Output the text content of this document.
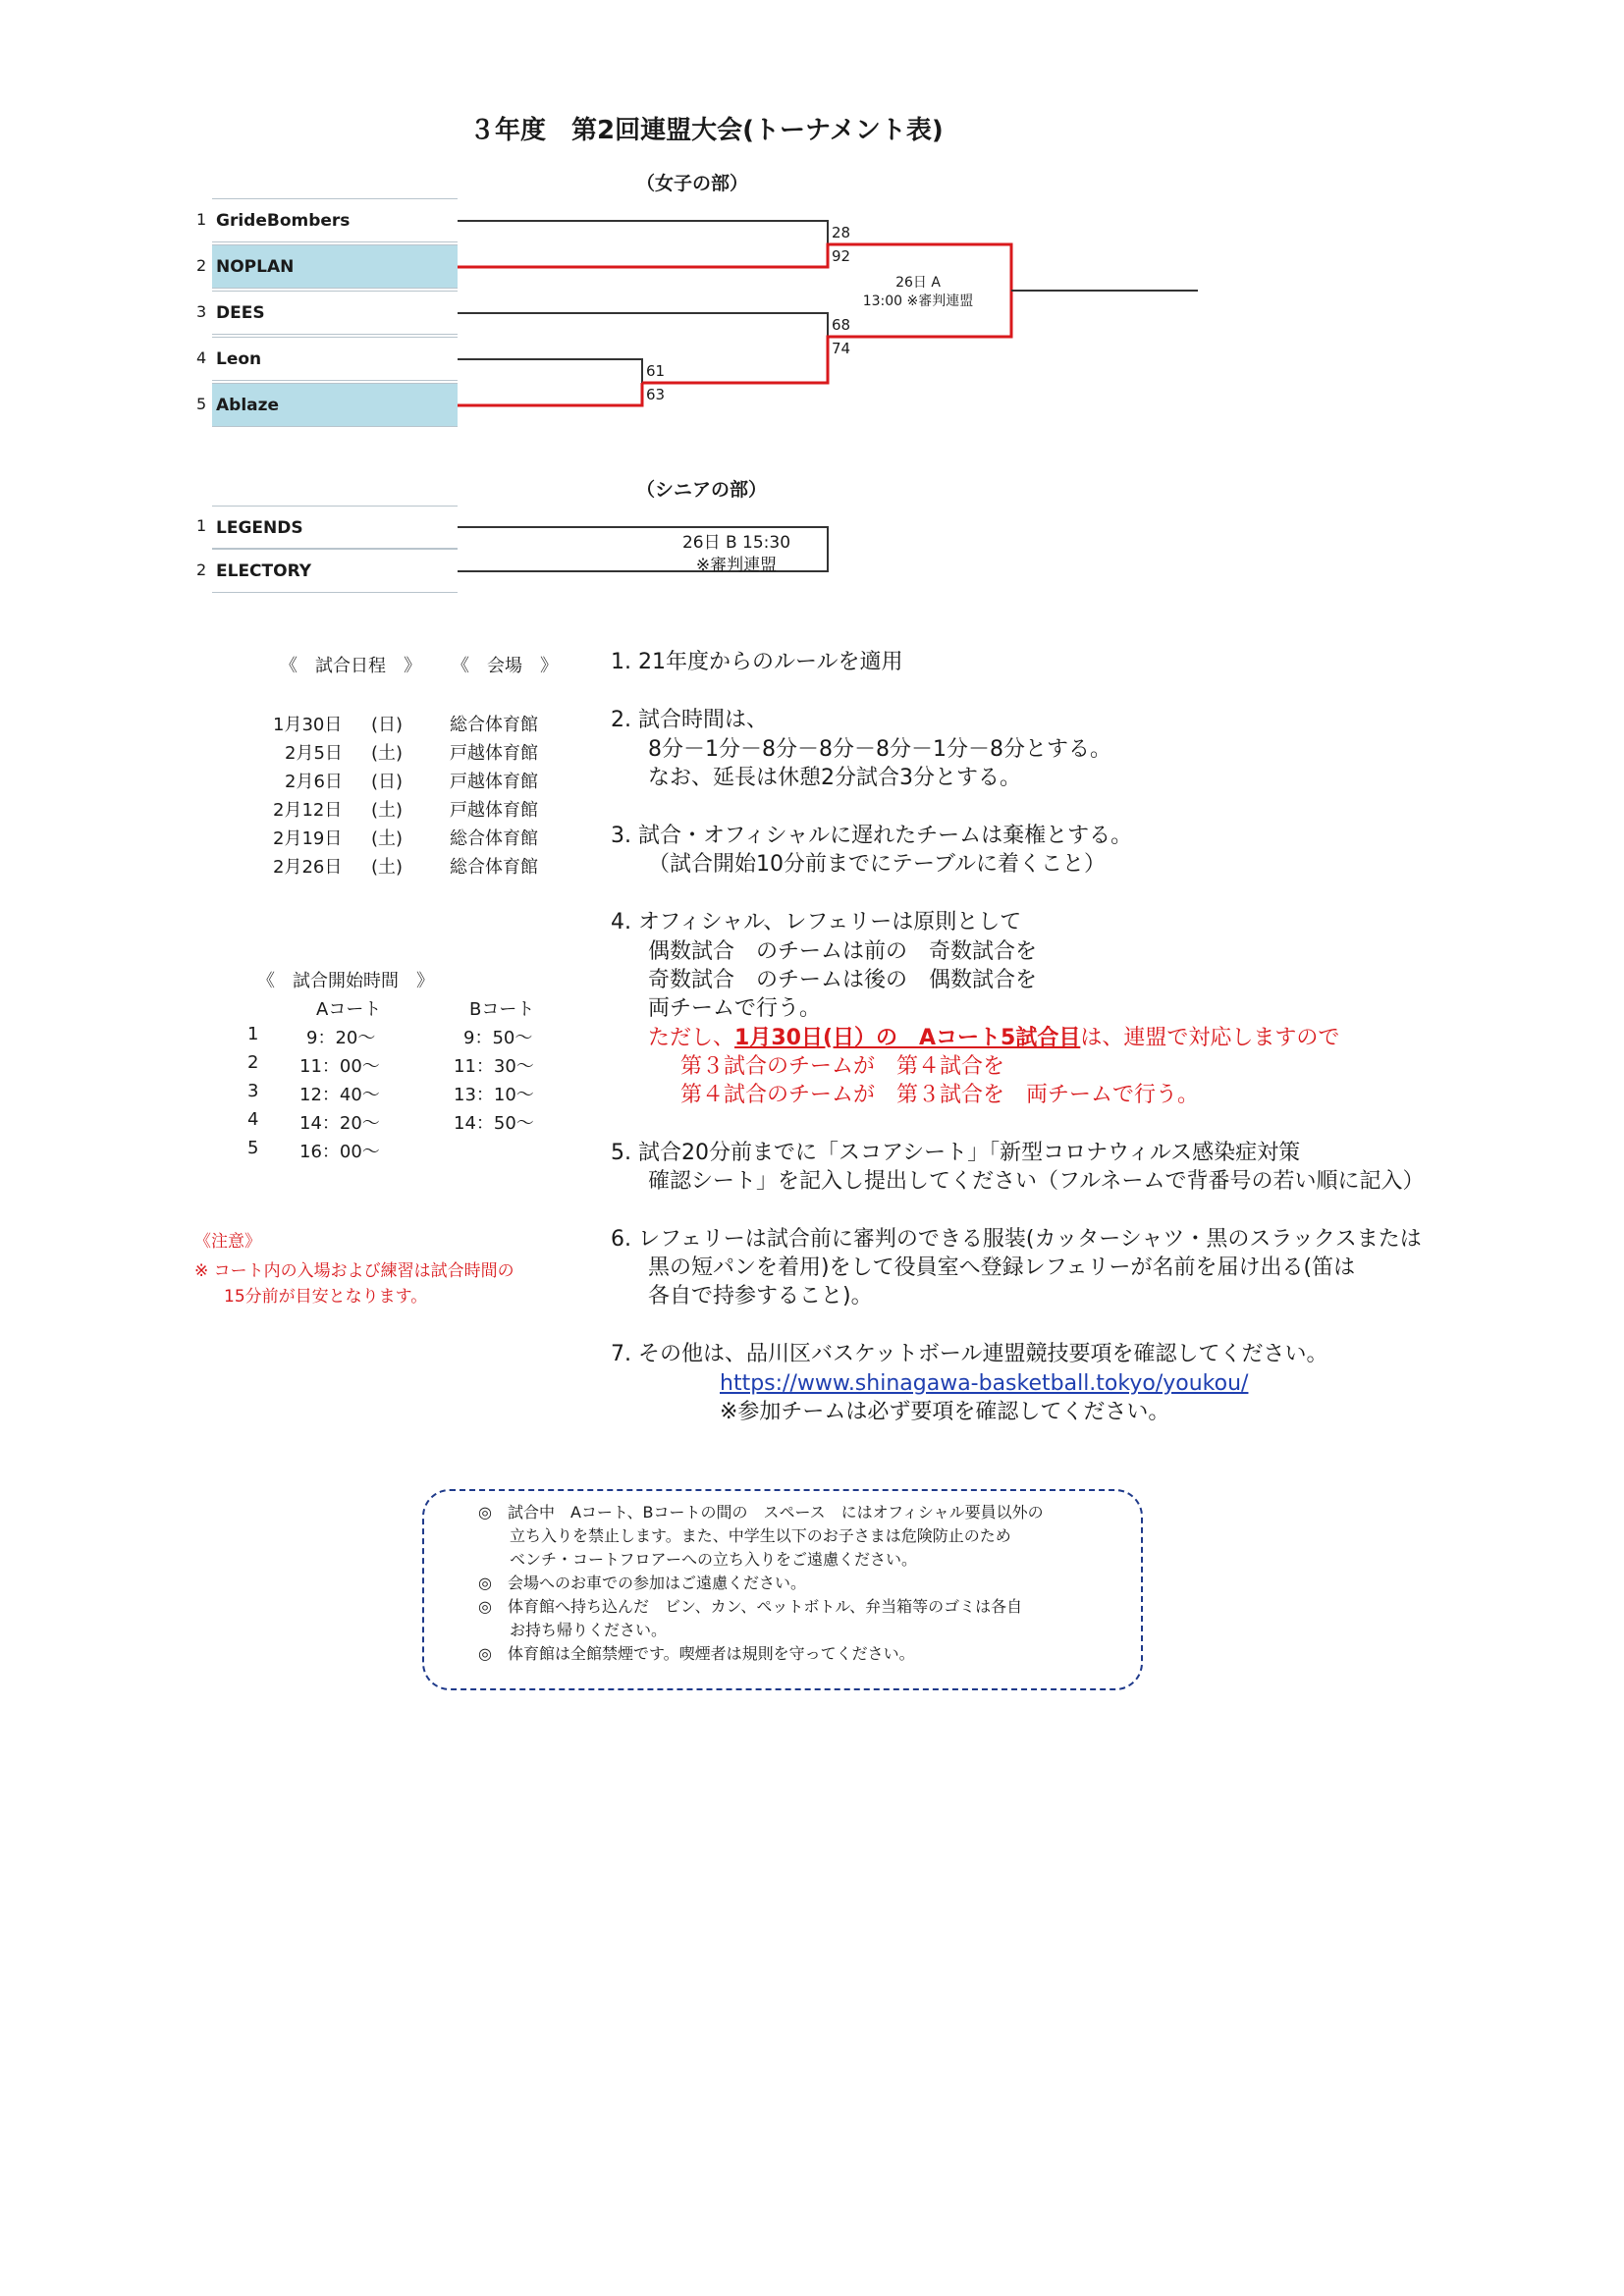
３年度　第2回連盟大会(トーナメント表)
（女子の部）
1
2
3
4
5
GrideBombers
NOPLAN
DEES
Leon
Ablaze
28
92
68
74
61
63
26日 A
13:00 ※審判連盟
（シニアの部）
1
2
LEGENDS
ELECTORY
26日 B 15:30
※審判連盟
《　試合日程　》 《　会場　》
1月30日 (日)	総合体育館
2月5日 (土)	戸越体育館
2月6日 (日)	戸越体育館
2月12日 (土)	戸越体育館
2月19日 (土)	総合体育館
2月26日 (土)	総合体育館
《　試合開始時間　》
Aコート	Bコート
1	9：20〜	9：50〜
2 11：00〜	11：30〜
3 12：40〜	13：10〜
4 14：20〜	14：50〜
5 16：00〜
《注意》
※ コート内の入場および練習は試合時間の
15分前が目安となります。
1. 21年度からのルールを適用
2. 試合時間は、
8分－1分－8分－8分－8分－1分－8分とする。
なお、延長は休憩2分試合3分とする。
3. 試合・オフィシャルに遅れたチームは棄権とする。
（試合開始10分前までにテーブルに着くこと）
4. オフィシャル、レフェリーは原則として
偶数試合　のチームは前の　奇数試合を
奇数試合　のチームは後の　偶数試合を
両チームで行う。
ただし、1月30日(日）の　Aコート5試合目は、連盟で対応しますので
第３試合のチームが　第４試合を
第４試合のチームが　第３試合を　両チームで行う。
5. 試合20分前までに「スコアシート」「新型コロナウィルス感染症対策
確認シート」を記入し提出してください（フルネームで背番号の若い順に記入）
6. レフェリーは試合前に審判のできる服装(カッターシャツ・黒のスラックスまたは
黒の短パンを着用)をして役員室へ登録レフェリーが名前を届け出る(笛は
各自で持参すること)。
7. その他は、品川区バスケットボール連盟競技要項を確認してください。
https://www.shinagawa-basketball.tokyo/youkou/
※参加チームは必ず要項を確認してください。
◎　試合中　Aコート、Bコートの間の　スペース　にはオフィシャル要員以外の
　　立ち入りを禁止します。また、中学生以下のお子さまは危険防止のため
　　ベンチ・コートフロアーへの立ち入りをご遠慮ください。
◎　会場へのお車での参加はご遠慮ください。
◎　体育館へ持ち込んだ　ビン、カン、ペットボトル、弁当箱等のゴミは各自
　　お持ち帰りください。
◎　体育館は全館禁煙です。喫煙者は規則を守ってください。
